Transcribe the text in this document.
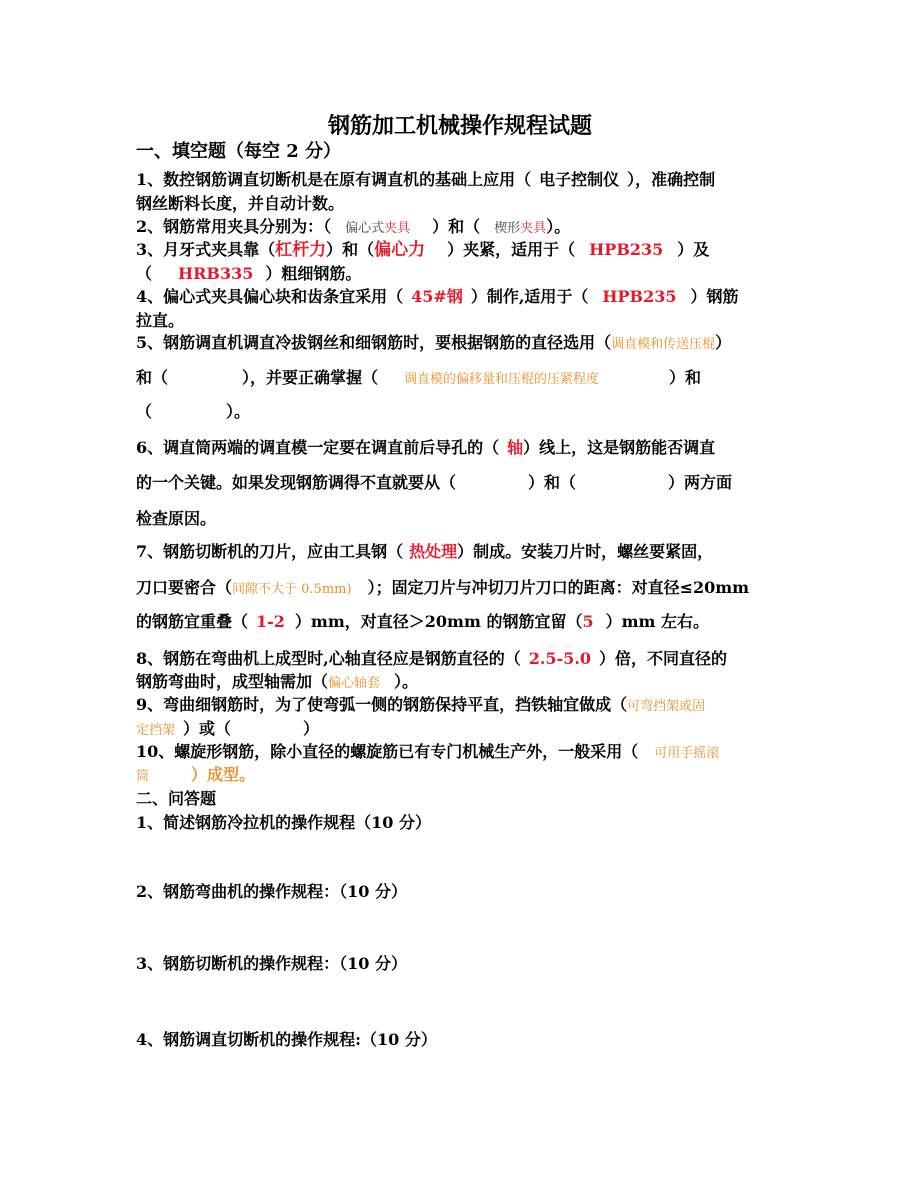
钢筋加工机械操作规程试题
一、填空题（每空 2 分）
1、数控钢筋调直切断机是在原有调直机的基础上应用（ 电子控制仪 ），准确控制
钢丝断料长度，并自动计数。
2、钢筋常用夹具分别为：（ 偏心式夹具 ）和（ 楔形夹具）。
3、月牙式夹具靠（杠杆力）和（偏心力 ）夹紧，适用于（ HPB235 ）及
（ HRB335 ）粗细钢筋。
4、偏心式夹具偏心块和齿条宜采用（ 45#钢 ）制作,适用于（ HPB235 ）钢筋
拉直。
5、钢筋调直机调直冷拔钢丝和细钢筋时，要根据钢筋的直径选用（调直模和传送压棍）
和（	），并要正确掌握（ 调直模的偏移量和压棍的压紧程度	）和
（	）。
6、调直筒两端的调直模一定要在调直前后导孔的（ 轴）线上，这是钢筋能否调直
的一个关键。如果发现钢筋调得不直就要从（	）和（	）两方面
检查原因。
7、钢筋切断机的刀片，应由工具钢（ 热处理）制成。安装刀片时，螺丝要紧固，
刀口要密合（间隙不大于 0.5mm) ）；固定刀片与冲切刀片刀口的距离：对直径≤20mm
的钢筋宜重叠（ 1-2 ）mm，对直径＞20mm 的钢筋宜留（5 ）mm 左右。
8、钢筋在弯曲机上成型时,心轴直径应是钢筋直径的（ 2.5-5.0 ）倍，不同直径的
钢筋弯曲时，成型轴需加（偏心轴套 ）。
9、弯曲细钢筋时，为了使弯弧一侧的钢筋保持平直，挡铁轴宜做成（可弯挡架或固
定挡架 ）或（	）
10、螺旋形钢筋，除小直径的螺旋筋已有专门机械生产外，一般采用（ 可用手摇滚
筒	）成型。
二、问答题
1、简述钢筋冷拉机的操作规程（10 分）
2、钢筋弯曲机的操作规程：（10 分）
3、钢筋切断机的操作规程：（10 分）
4、钢筋调直切断机的操作规程:（10 分）
